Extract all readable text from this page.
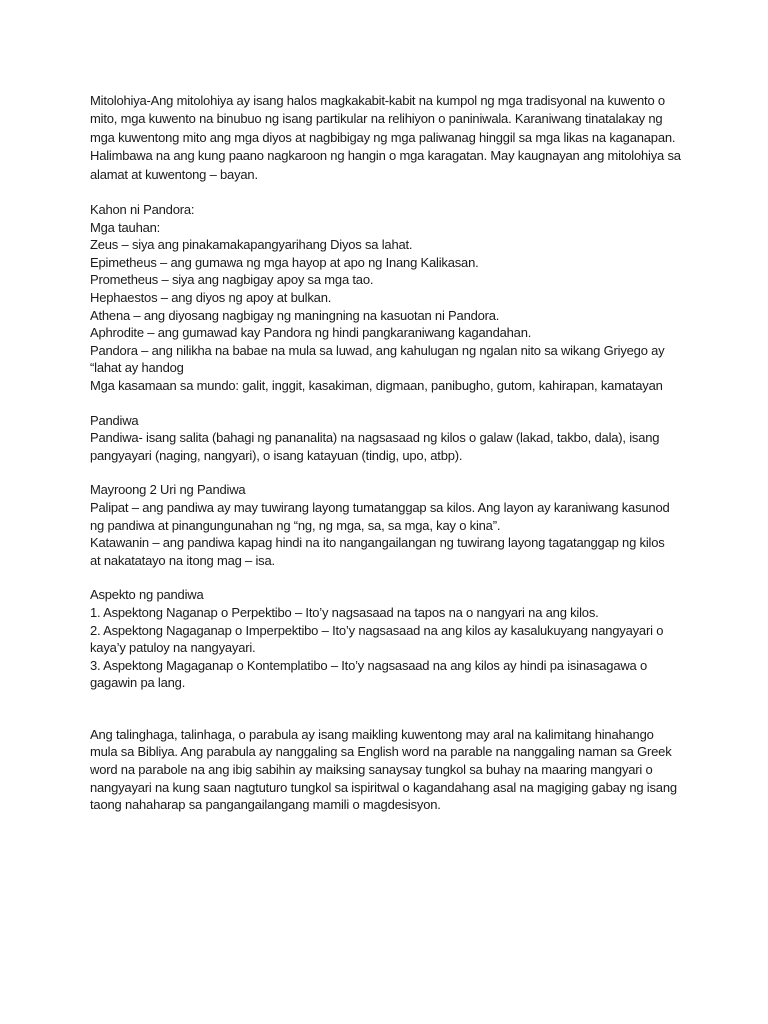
Mitolohiya-Ang mitolohiya ay isang halos magkakabit-kabit na kumpol ng mga tradisyonal na kuwento o
mito, mga kuwento na binubuo ng isang partikular na relihiyon o paniniwala. Karaniwang tinatalakay ng
mga kuwentong mito ang mga diyos at nagbibigay ng mga paliwanag hinggil sa mga likas na kaganapan.
Halimbawa na ang kung paano nagkaroon ng hangin o mga karagatan. May kaugnayan ang mitolohiya sa
alamat at kuwentong – bayan.
Kahon ni Pandora:
Mga tauhan:
Zeus – siya ang pinakamakapangyarihang Diyos sa lahat.
Epimetheus – ang gumawa ng mga hayop at apo ng Inang Kalikasan.
Prometheus – siya ang nagbigay apoy sa mga tao.
Hephaestos – ang diyos ng apoy at bulkan.
Athena – ang diyosang nagbigay ng maningning na kasuotan ni Pandora.
Aphrodite – ang gumawad kay Pandora ng hindi pangkaraniwang kagandahan.
Pandora – ang nilikha na babae na mula sa luwad, ang kahulugan ng ngalan nito sa wikang Griyego ay
“lahat ay handog
Mga kasamaan sa mundo: galit, inggit, kasakiman, digmaan, panibugho, gutom, kahirapan, kamatayan
Pandiwa
Pandiwa- isang salita (bahagi ng pananalita) na nagsasaad ng kilos o galaw (lakad, takbo, dala), isang
pangyayari (naging, nangyari), o isang katayuan (tindig, upo, atbp).
Mayroong 2 Uri ng Pandiwa
Palipat – ang pandiwa ay may tuwirang layong tumatanggap sa kilos. Ang layon ay karaniwang kasunod
ng pandiwa at pinangungunahan ng “ng, ng mga, sa, sa mga, kay o kina”.
Katawanin – ang pandiwa kapag hindi na ito nangangailangan ng tuwirang layong tagatanggap ng kilos
at nakatatayo na itong mag – isa.
Aspekto ng pandiwa
1. Aspektong Naganap o Perpektibo – Ito’y nagsasaad na tapos na o nangyari na ang kilos.
2. Aspektong Nagaganap o Imperpektibo – Ito’y nagsasaad na ang kilos ay kasalukuyang nangyayari o
kaya’y patuloy na nangyayari.
3. Aspektong Magaganap o Kontemplatibo – Ito’y nagsasaad na ang kilos ay hindi pa isinasagawa o
gagawin pa lang.
Ang talinghaga, talinhaga, o parabula ay isang maikling kuwentong may aral na kalimitang hinahango
mula sa Bibliya. Ang parabula ay nanggaling sa English word na parable na nanggaling naman sa Greek
word na parabole na ang ibig sabihin ay maiksing sanaysay tungkol sa buhay na maaring mangyari o
nangyayari na kung saan nagtuturo tungkol sa ispiritwal o kagandahang asal na magiging gabay ng isang
taong nahaharap sa pangangailangang mamili o magdesisyon.
